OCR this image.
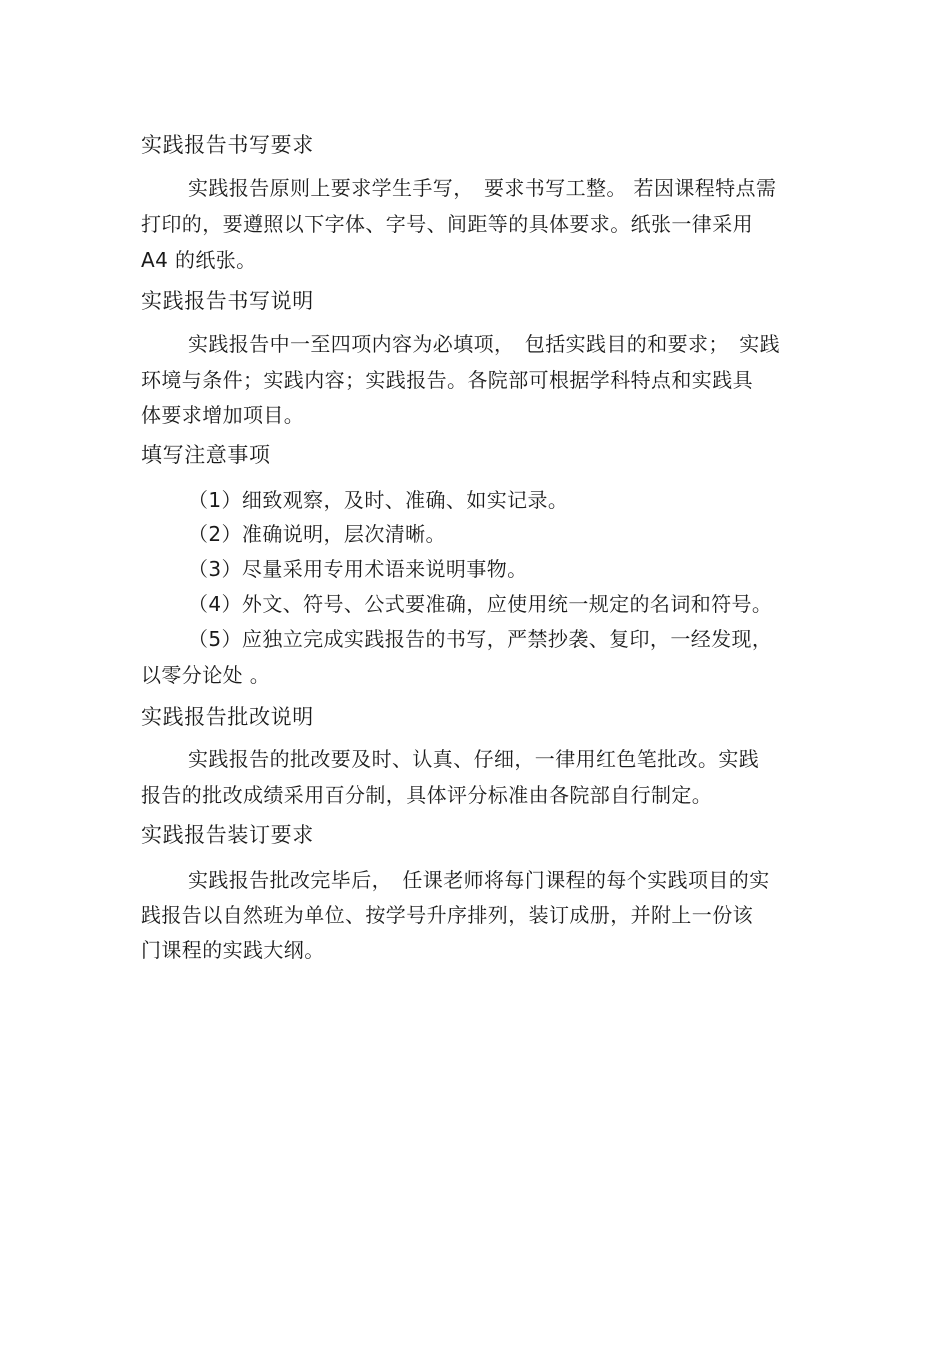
实践报告书写要求
实践报告原则上要求学生手写，　要求书写工整。 若因课程特点需
打印的，要遵照以下字体、字号、间距等的具体要求。纸张一律采用
A4 的纸张。
实践报告书写说明
实践报告中一至四项内容为必填项，　包括实践目的和要求；　实践
环境与条件；实践内容；实践报告。各院部可根据学科特点和实践具
体要求增加项目。
填写注意事项
（1）细致观察，及时、准确、如实记录。
（2）准确说明，层次清晰。
（3）尽量采用专用术语来说明事物。
（4）外文、符号、公式要准确，应使用统一规定的名词和符号。
（5）应独立完成实践报告的书写，严禁抄袭、复印，一经发现，
以零分论处 。
实践报告批改说明
实践报告的批改要及时、认真、仔细，一律用红色笔批改。实践
报告的批改成绩采用百分制，具体评分标准由各院部自行制定。
实践报告装订要求
实践报告批改完毕后，　任课老师将每门课程的每个实践项目的实
践报告以自然班为单位、按学号升序排列，装订成册，并附上一份该
门课程的实践大纲。
